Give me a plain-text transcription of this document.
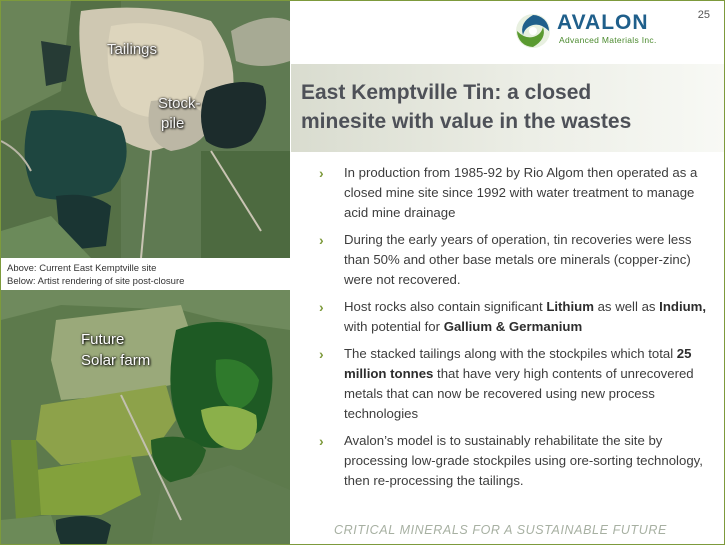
Tailings
Stock-
pile
Above: Current East Kemptville site
Below: Artist rendering of site post-closure
Future
Solar farm
25
AVALON
Advanced Materials Inc.
East Kemptville Tin: a closed
minesite with value in the wastes
› In production from 1985-92 by Rio Algom then operated as a closed mine site since 1992 with water treatment to manage acid mine drainage
› During the early years of operation, tin recoveries were less than 50% and other base metals ore minerals (copper-zinc) were not recovered.
› Host rocks also contain significant Lithium as well as Indium, with potential for Gallium & Germanium
› The stacked tailings along with the stockpiles which total 25 million tonnes that have very high contents of unrecovered metals that can now be recovered using new process technologies
› Avalon’s model is to sustainably rehabilitate the site by processing low-grade stockpiles using ore-sorting technology, then re-processing the tailings.
CRITICAL MINERALS FOR A SUSTAINABLE FUTURE
